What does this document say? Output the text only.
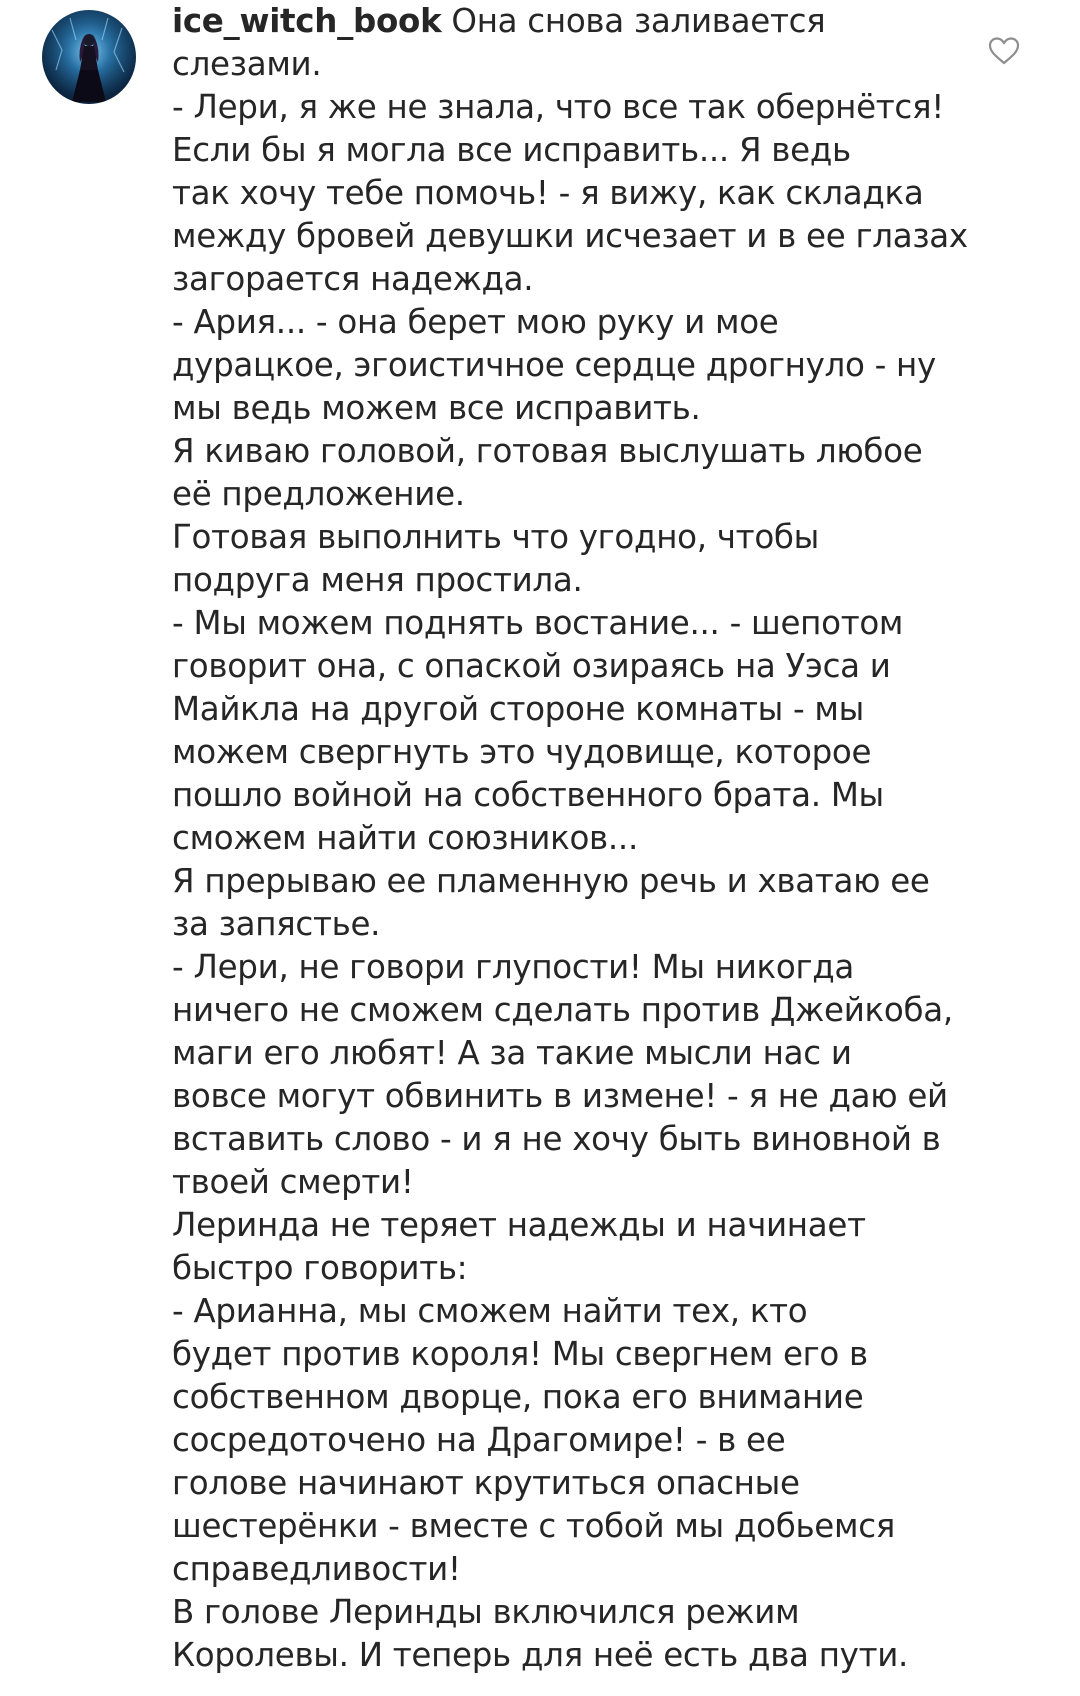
ice_witch_book Она снова заливается
слезами.
- Лери, я же не знала, что все так обернётся!
Если бы я могла все исправить... Я ведь
так хочу тебе помочь! - я вижу, как складка
между бровей девушки исчезает и в ее глазах
загорается надежда.
- Ария... - она берет мою руку и мое
дурацкое, эгоистичное сердце дрогнуло - ну
мы ведь можем все исправить.
Я киваю головой, готовая выслушать любое
её предложение.
Готовая выполнить что угодно, чтобы
подруга меня простила.
- Мы можем поднять востание... - шепотом
говорит она, с опаской озираясь на Уэса и
Майкла на другой стороне комнаты - мы
можем свергнуть это чудовище, которое
пошло войной на собственного брата. Мы
сможем найти союзников...
Я прерываю ее пламенную речь и хватаю ее
за запястье.
- Лери, не говори глупости! Мы никогда
ничего не сможем сделать против Джейкоба,
маги его любят! А за такие мысли нас и
вовсе могут обвинить в измене! - я не даю ей
вставить слово - и я не хочу быть виновной в
твоей смерти!
Леринда не теряет надежды и начинает
быстро говорить:
- Арианна, мы сможем найти тех, кто
будет против короля! Мы свергнем его в
собственном дворце, пока его внимание
сосредоточено на Драгомире! - в ее
голове начинают крутиться опасные
шестерёнки - вместе с тобой мы добьемся
справедливости!
В голове Леринды включился режим
Королевы. И теперь для неё есть два пути.
